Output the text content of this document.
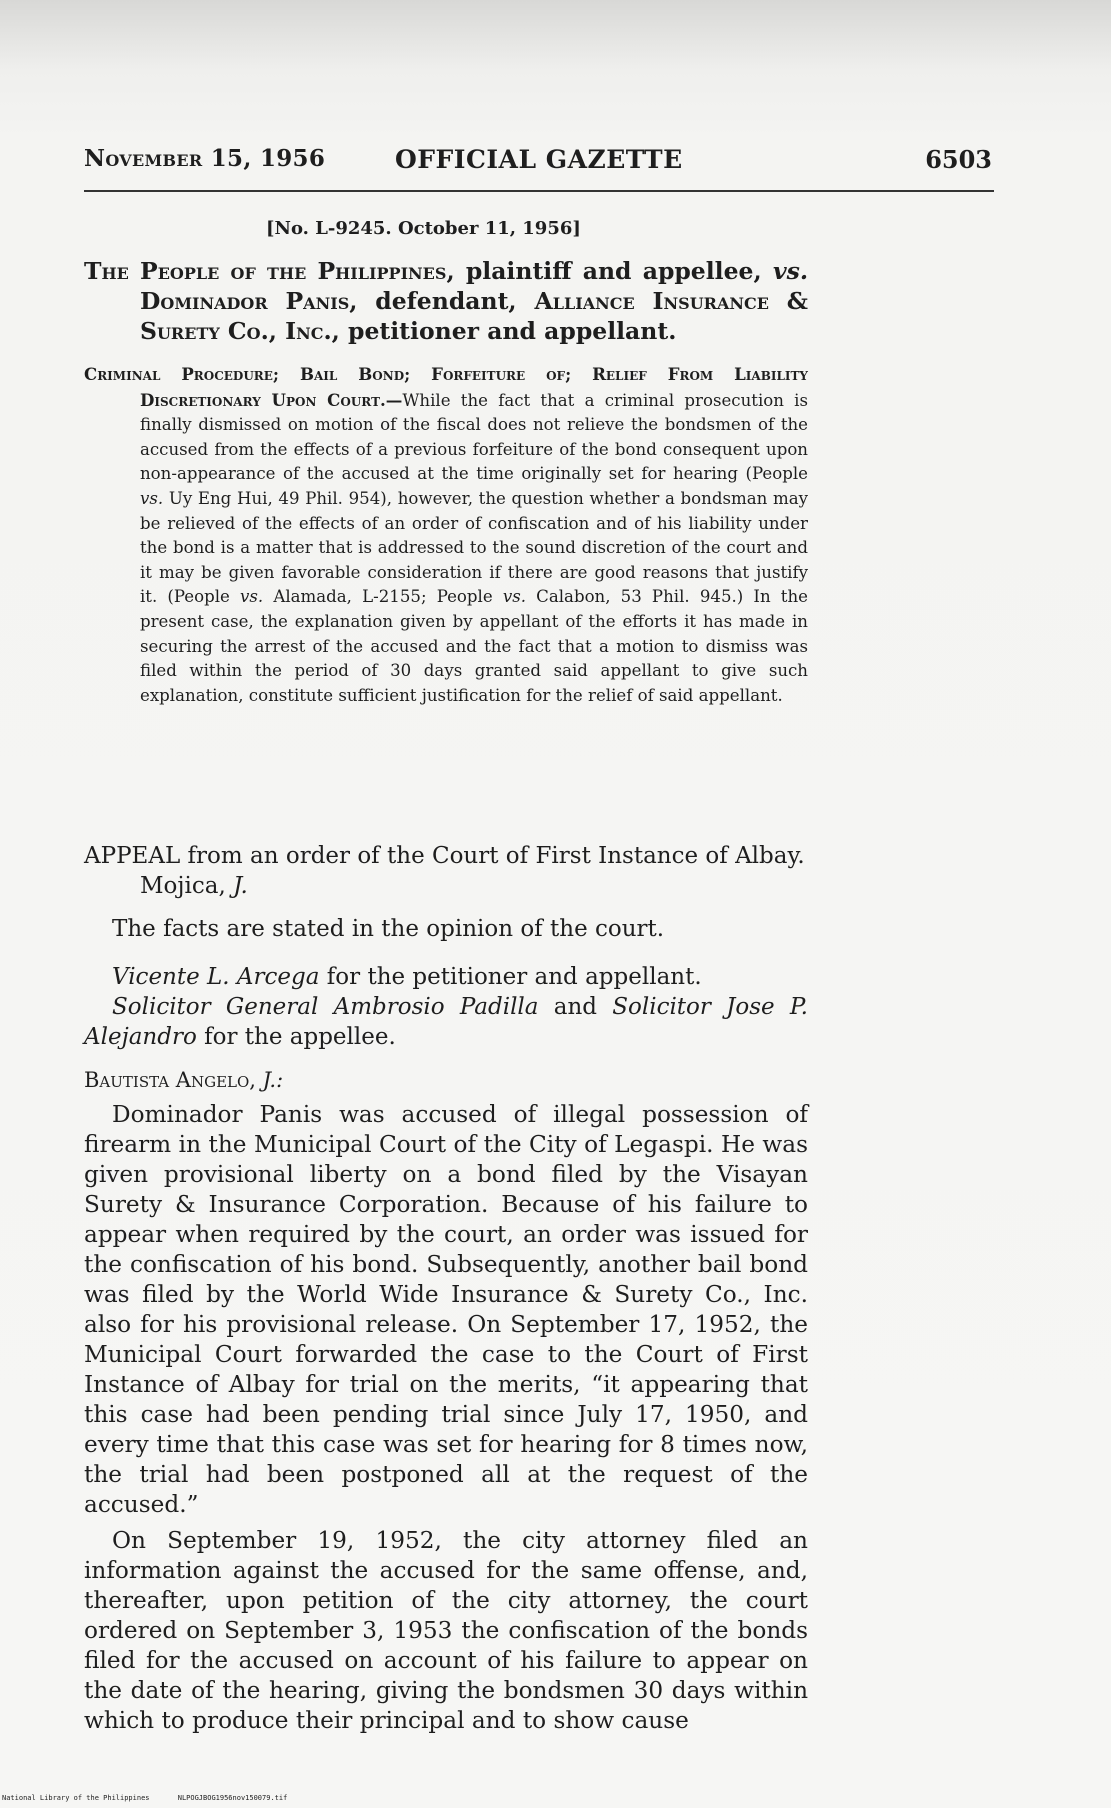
November 15, 1956	OFFICIAL GAZETTE	6503
[No. L-9245. October 11, 1956]

The People of the Philippines, plaintiff and appellee, vs. Dominador Panis, defendant, Alliance Insurance & Surety Co., Inc., petitioner and appellant.

Criminal Procedure; Bail Bond; Forfeiture of; Relief From Liability Discretionary Upon Court.—While the fact that a criminal prosecution is finally dismissed on motion of the fiscal does not relieve the bondsmen of the accused from the effects of a previous forfeiture of the bond consequent upon non-appearance of the accused at the time originally set for hearing (People vs. Uy Eng Hui, 49 Phil. 954), however, the question whether a bondsman may be relieved of the effects of an order of confiscation and of his liability under the bond is a matter that is addressed to the sound discretion of the court and it may be given favorable consideration if there are good reasons that justify it. (People vs. Alamada, L-2155; People vs. Calabon, 53 Phil. 945.) In the present case, the explanation given by appellant of the efforts it has made in securing the arrest of the accused and the fact that a motion to dismiss was filed within the period of 30 days granted said appellant to give such explanation, constitute sufficient justification for the relief of said appellant.
APPEAL from an order of the Court of First Instance of Albay. Mojica, J.
The facts are stated in the opinion of the court.

Vicente L. Arcega for the petitioner and appellant.

Solicitor General Ambrosio Padilla and Solicitor Jose P. Alejandro for the appellee.

Bautista Angelo, J.:

Dominador Panis was accused of illegal possession of firearm in the Municipal Court of the City of Legaspi. He was given provisional liberty on a bond filed by the Visayan Surety & Insurance Corporation. Because of his failure to appear when required by the court, an order was issued for the confiscation of his bond. Subsequently, another bail bond was filed by the World Wide Insurance & Surety Co., Inc. also for his provisional release. On September 17, 1952, the Municipal Court forwarded the case to the Court of First Instance of Albay for trial on the merits, “it appearing that this case had been pending trial since July 17, 1950, and every time that this case was set for hearing for 8 times now, the trial had been postponed all at the request of the accused.”

On September 19, 1952, the city attorney filed an information against the accused for the same offense, and, thereafter, upon petition of the city attorney, the court ordered on September 3, 1953 the confiscation of the bonds filed for the accused on account of his failure to appear on the date of the hearing, giving the bondsmen 30 days within which to produce their principal and to show cause

National Library of the Philippines	NLPOGJBOG1956nov150079.tif
